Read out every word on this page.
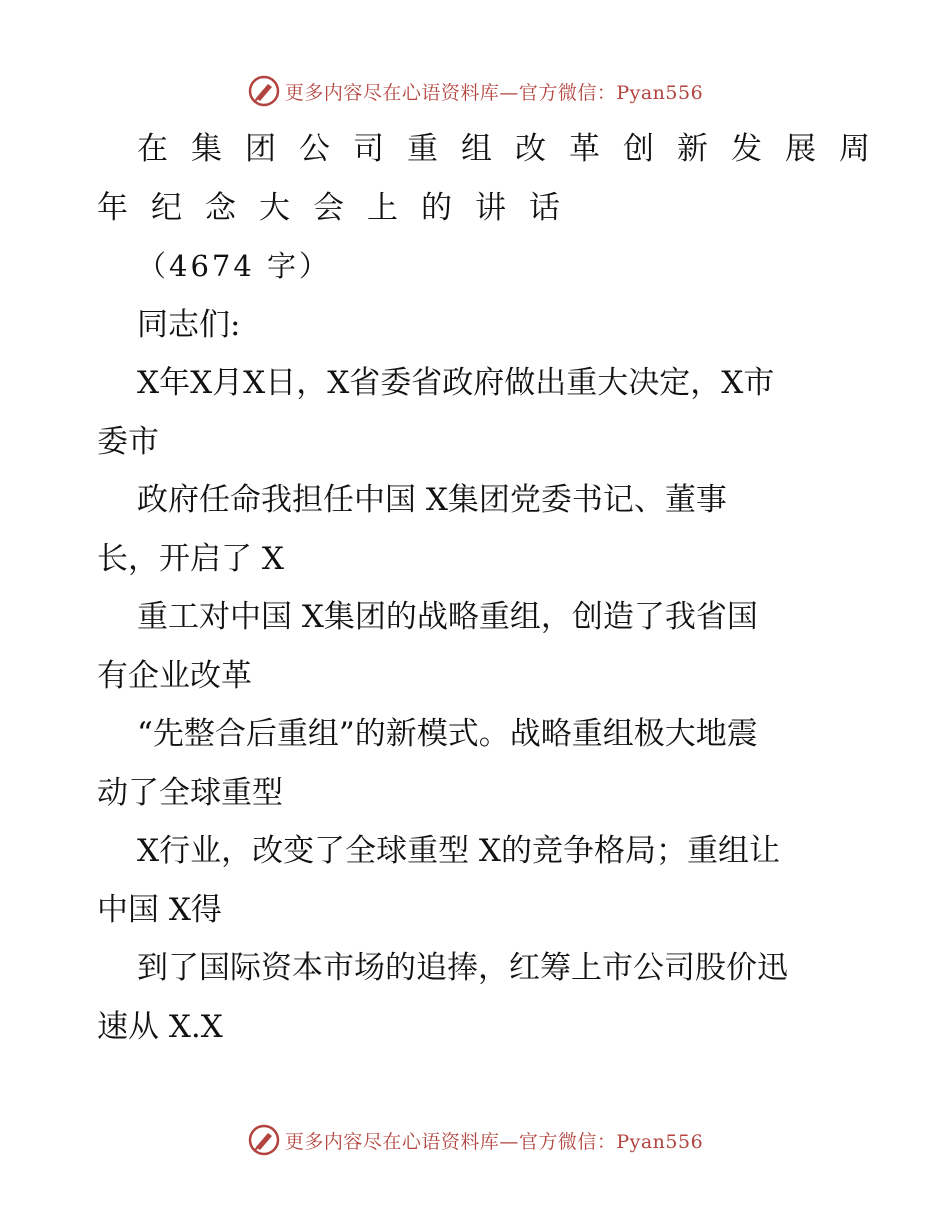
更多内容尽在心语资料库—官方微信：Pyan556
在集团公司重组改革创新发展周
年纪念大会上的讲话
（4674 字）
同志们:
X年X月X日，X省委省政府做出重大决定，X市
委市
政府任命我担任中国 X集团党委书记、董事
长，开启了 X
重工对中国 X集团的战略重组，创造了我省国
有企业改革
“先整合后重组”的新模式。战略重组极大地震
动了全球重型
X行业，改变了全球重型 X的竞争格局；重组让
中国 X得
到了国际资本市场的追捧，红筹上市公司股价迅
速从 X.X
更多内容尽在心语资料库—官方微信：Pyan556
